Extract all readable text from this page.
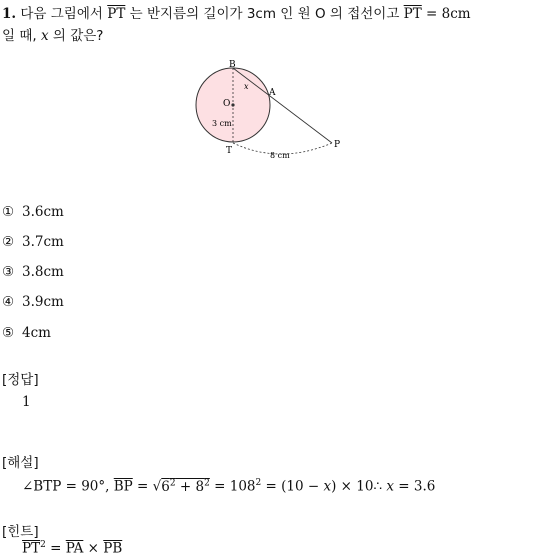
1. 다음 그림에서 $\overline{PT}$ 는 반지름의 길이가 3cm 인 원 O 의 접선이고 $\overline{PT} = 8cm$
일 때, x 의 값은?
B
A
O
T
P
x
3 cm
8 cm
① 3.6cm
② 3.7cm
③ 3.8cm
④ 3.9cm
⑤ 4cm
[정답]
1
[해설]
∠BTP = 90°, $\overline{BP} = √6^2 + 8^2 = 108^2 = (10 - x)$ × 10∴ x = 3.6
[힌트]
$\overline{PT}^2 = \overline{PA} \times \overline{PB}$
